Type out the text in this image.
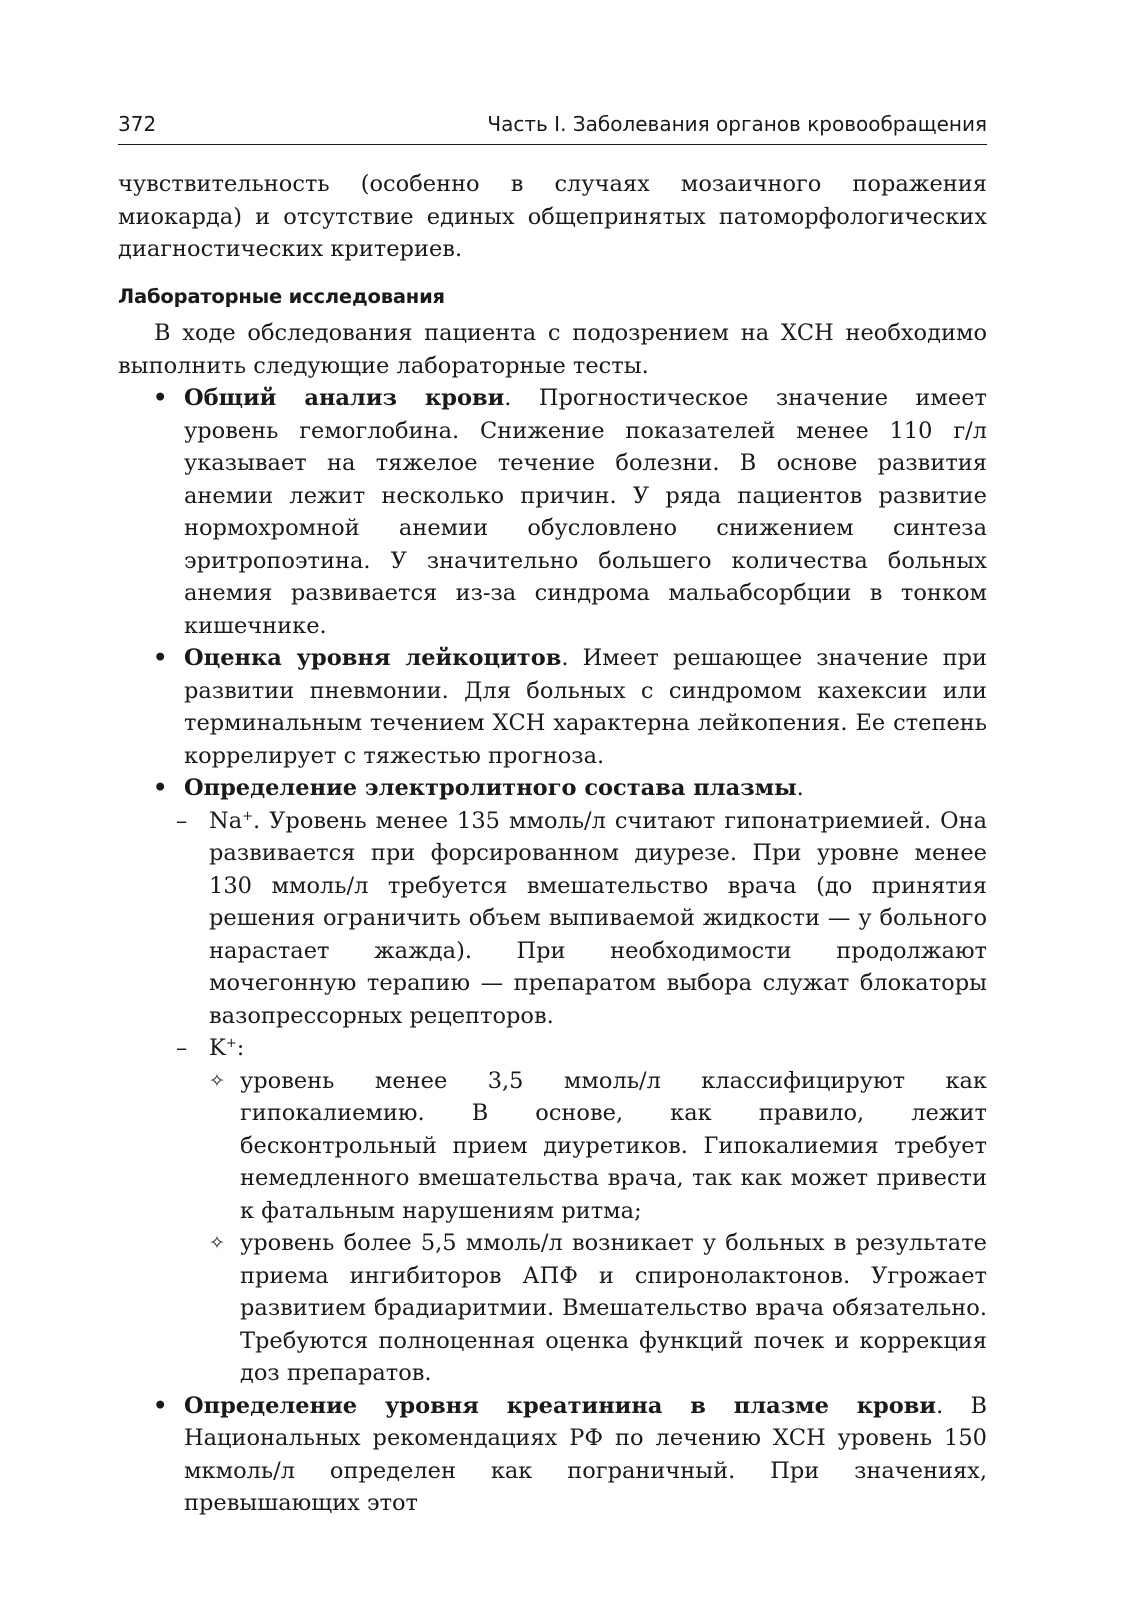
372	Часть I. Заболевания органов кровообращения

чувствительность (особенно в случаях мозаичного поражения миокарда) и отсутствие единых общепринятых патоморфологических диагностических критериев.

Лабораторные исследования

В ходе обследования пациента с подозрением на ХСН необходимо выполнить следующие лабораторные тесты.

• Общий анализ крови. Прогностическое значение имеет уровень гемоглобина. Снижение показателей менее 110 г/л указывает на тяжелое течение болезни. В основе развития анемии лежит несколько причин. У ряда пациентов развитие нормохромной анемии обусловлено снижением синтеза эритропоэтина. У значительно большего количества больных анемия развивается из-за синдрома мальабсорбции в тонком кишечнике.
• Оценка уровня лейкоцитов. Имеет решающее значение при развитии пневмонии. Для больных с синдромом кахексии или терминальным течением ХСН характерна лейкопения. Ее степень коррелирует с тяжестью прогноза.
• Определение электролитного состава плазмы.
– Na+. Уровень менее 135 ммоль/л считают гипонатриемией. Она развивается при форсированном диурезе. При уровне менее 130 ммоль/л требуется вмешательство врача (до принятия решения ограничить объем выпиваемой жидкости — у больного нарастает жажда). При необходимости продолжают мочегонную терапию — препаратом выбора служат блокаторы вазопрессорных рецепторов.
– K+:
✧ уровень менее 3,5 ммоль/л классифицируют как гипокалиемию. В основе, как правило, лежит бесконтрольный прием диуретиков. Гипокалиемия требует немедленного вмешательства врача, так как может привести к фатальным нарушениям ритма;
✧ уровень более 5,5 ммоль/л возникает у больных в результате приема ингибиторов АПФ и спиронолактонов. Угрожает развитием брадиаритмии. Вмешательство врача обязательно. Требуются полноценная оценка функций почек и коррекция доз препаратов.
• Определение уровня креатинина в плазме крови. В Национальных рекомендациях РФ по лечению ХСН уровень 150 мкмоль/л определен как пограничный. При значениях, превышающих этот
